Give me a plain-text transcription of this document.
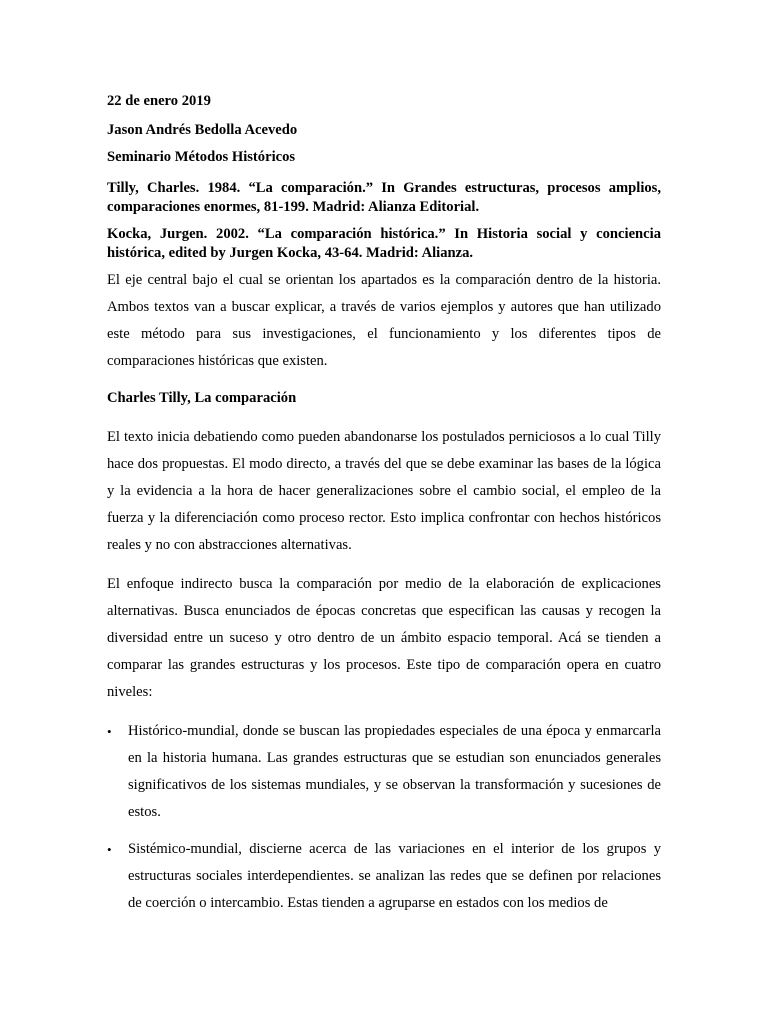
22 de enero 2019

Jason Andrés Bedolla Acevedo

Seminario Métodos Históricos

Tilly, Charles. 1984. “La comparación.” In Grandes estructuras, procesos amplios, comparaciones enormes, 81-199. Madrid: Alianza Editorial.

Kocka, Jurgen. 2002. “La comparación histórica.” In Historia social y conciencia histórica, edited by Jurgen Kocka, 43-64. Madrid: Alianza.

El eje central bajo el cual se orientan los apartados es la comparación dentro de la historia. Ambos textos van a buscar explicar, a través de varios ejemplos y autores que han utilizado este método para sus investigaciones, el funcionamiento y los diferentes tipos de comparaciones históricas que existen.

Charles Tilly, La comparación

El texto inicia debatiendo como pueden abandonarse los postulados perniciosos a lo cual Tilly hace dos propuestas. El modo directo, a través del que se debe examinar las bases de la lógica y la evidencia a la hora de hacer generalizaciones sobre el cambio social, el empleo de la fuerza y la diferenciación como proceso rector. Esto implica confrontar con hechos históricos reales y no con abstracciones alternativas.

El enfoque indirecto busca la comparación por medio de la elaboración de explicaciones alternativas. Busca enunciados de épocas concretas que especifican las causas y recogen la diversidad entre un suceso y otro dentro de un ámbito espacio temporal. Acá se tienden a comparar las grandes estructuras y los procesos. Este tipo de comparación opera en cuatro niveles:

• Histórico-mundial, donde se buscan las propiedades especiales de una época y enmarcarla en la historia humana. Las grandes estructuras que se estudian son enunciados generales significativos de los sistemas mundiales, y se observan la transformación y sucesiones de estos.
• Sistémico-mundial, discierne acerca de las variaciones en el interior de los grupos y estructuras sociales interdependientes. se analizan las redes que se definen por relaciones de coerción o intercambio. Estas tienden a agruparse en estados con los medios de
